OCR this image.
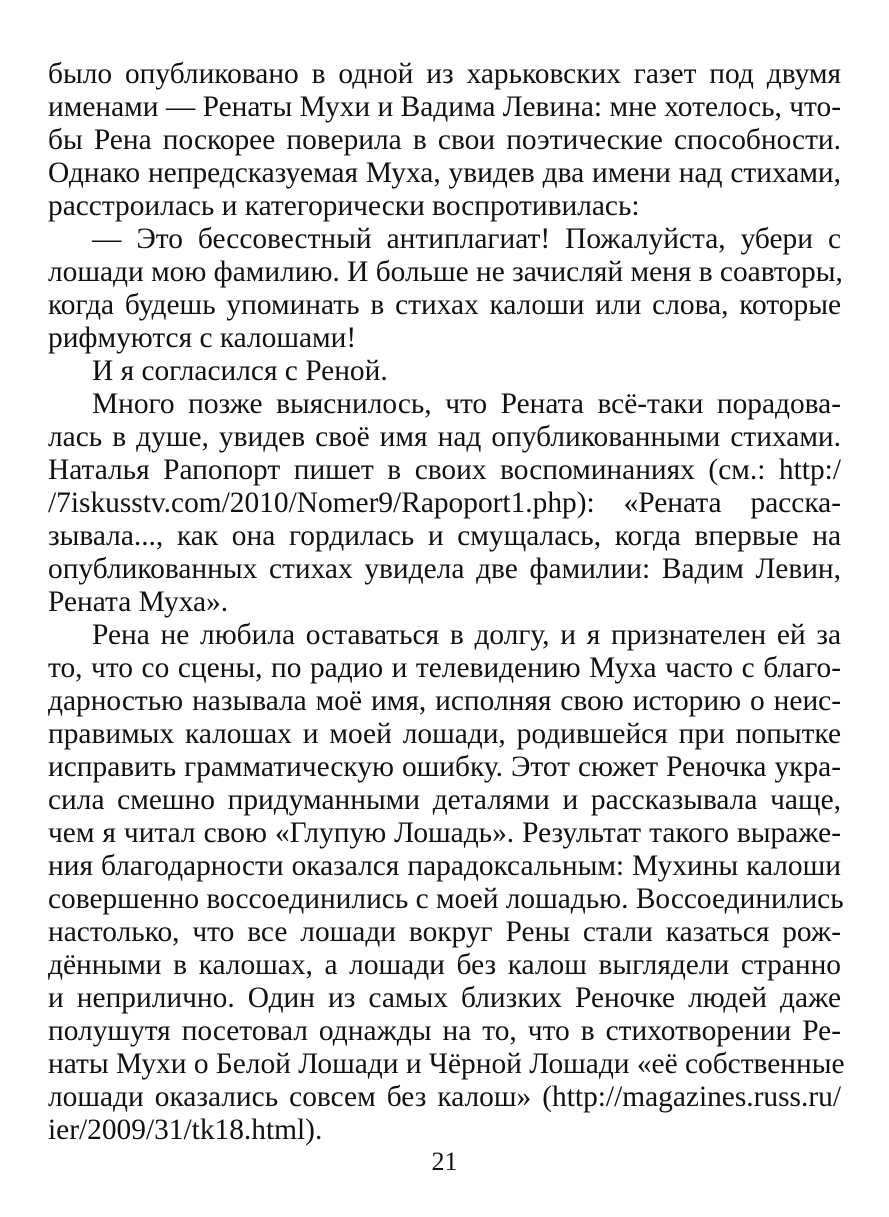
было опубликовано в одной из харьковских газет под двумя
именами — Ренаты Мухи и Вадима Левина: мне хотелось, что-
бы Рена поскорее поверила в свои поэтические способности.
Однако непредсказуемая Муха, увидев два имени над стихами,
расстроилась и категорически воспротивилась:
— Это бессовестный антиплагиат! Пожалуйста, убери с
лошади мою фамилию. И больше не зачисляй меня в соавторы,
когда будешь упоминать в стихах калоши или слова, которые
рифмуются с калошами!
И я согласился с Реной.
Много позже выяснилось, что Рената всё-таки порадова-
лась в душе, увидев своё имя над опубликованными стихами.
Наталья Рапопорт пишет в своих воспоминаниях (см.: http:/
/7iskusstv.com/2010/Nomer9/Rapoport1.php): «Рената расска-
зывала..., как она гордилась и смущалась, когда впервые на
опубликованных стихах увидела две фамилии: Вадим Левин,
Рената Муха».
Рена не любила оставаться в долгу, и я признателен ей за
то, что со сцены, по радио и телевидению Муха часто с благо-
дарностью называла моё имя, исполняя свою историю о неис-
правимых калошах и моей лошади, родившейся при попытке
исправить грамматическую ошибку. Этот сюжет Реночка укра-
сила смешно придуманными деталями и рассказывала чаще,
чем я читал свою «Глупую Лошадь». Результат такого выраже-
ния благодарности оказался парадоксальным: Мухины калоши
совершенно воссоединились с моей лошадью. Воссоединились
настолько, что все лошади вокруг Рены стали казаться рож-
дёнными в калошах, а лошади без калош выглядели странно
и неприлично. Один из самых близких Реночке людей даже
полушутя посетовал однажды на то, что в стихотворении Ре-
наты Мухи о Белой Лошади и Чёрной Лошади «её собственные
лошади оказались совсем без калош» (http://magazines.russ.ru/
ier/2009/31/tk18.html).
21
